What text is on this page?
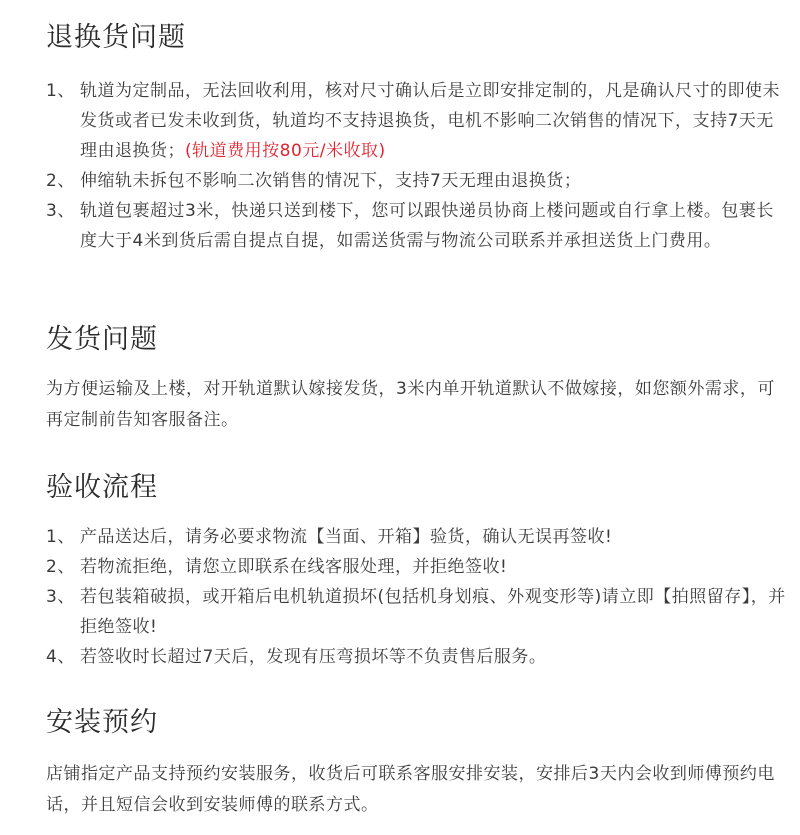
退换货问题
1、 轨道为定制品，无法回收利用，核对尺寸确认后是立即安排定制的，凡是确认尺寸的即使未发货或者已发未收到货，轨道均不支持退换货，电机不影响二次销售的情况下，支持7天无理由退换货；(轨道费用按80元/米收取)
2、 伸缩轨未拆包不影响二次销售的情况下，支持7天无理由退换货；
3、 轨道包裹超过3米，快递只送到楼下，您可以跟快递员协商上楼问题或自行拿上楼。包裹长度大于4米到货后需自提点自提，如需送货需与物流公司联系并承担送货上门费用。
发货问题

为方便运输及上楼，对开轨道默认嫁接发货，3米内单开轨道默认不做嫁接，如您额外需求，可再定制前告知客服备注。

验收流程
1、 产品送达后，请务必要求物流【当面、开箱】验货，确认无误再签收!
2、 若物流拒绝，请您立即联系在线客服处理，并拒绝签收!
3、 若包装箱破损，或开箱后电机轨道损坏(包括机身划痕、外观变形等)请立即【拍照留存】，并拒绝签收!
4、 若签收时长超过7天后，发现有压弯损坏等不负责售后服务。
安装预约

店铺指定产品支持预约安装服务，收货后可联系客服安排安装，安排后3天内会收到师傅预约电话，并且短信会收到安装师傅的联系方式。
